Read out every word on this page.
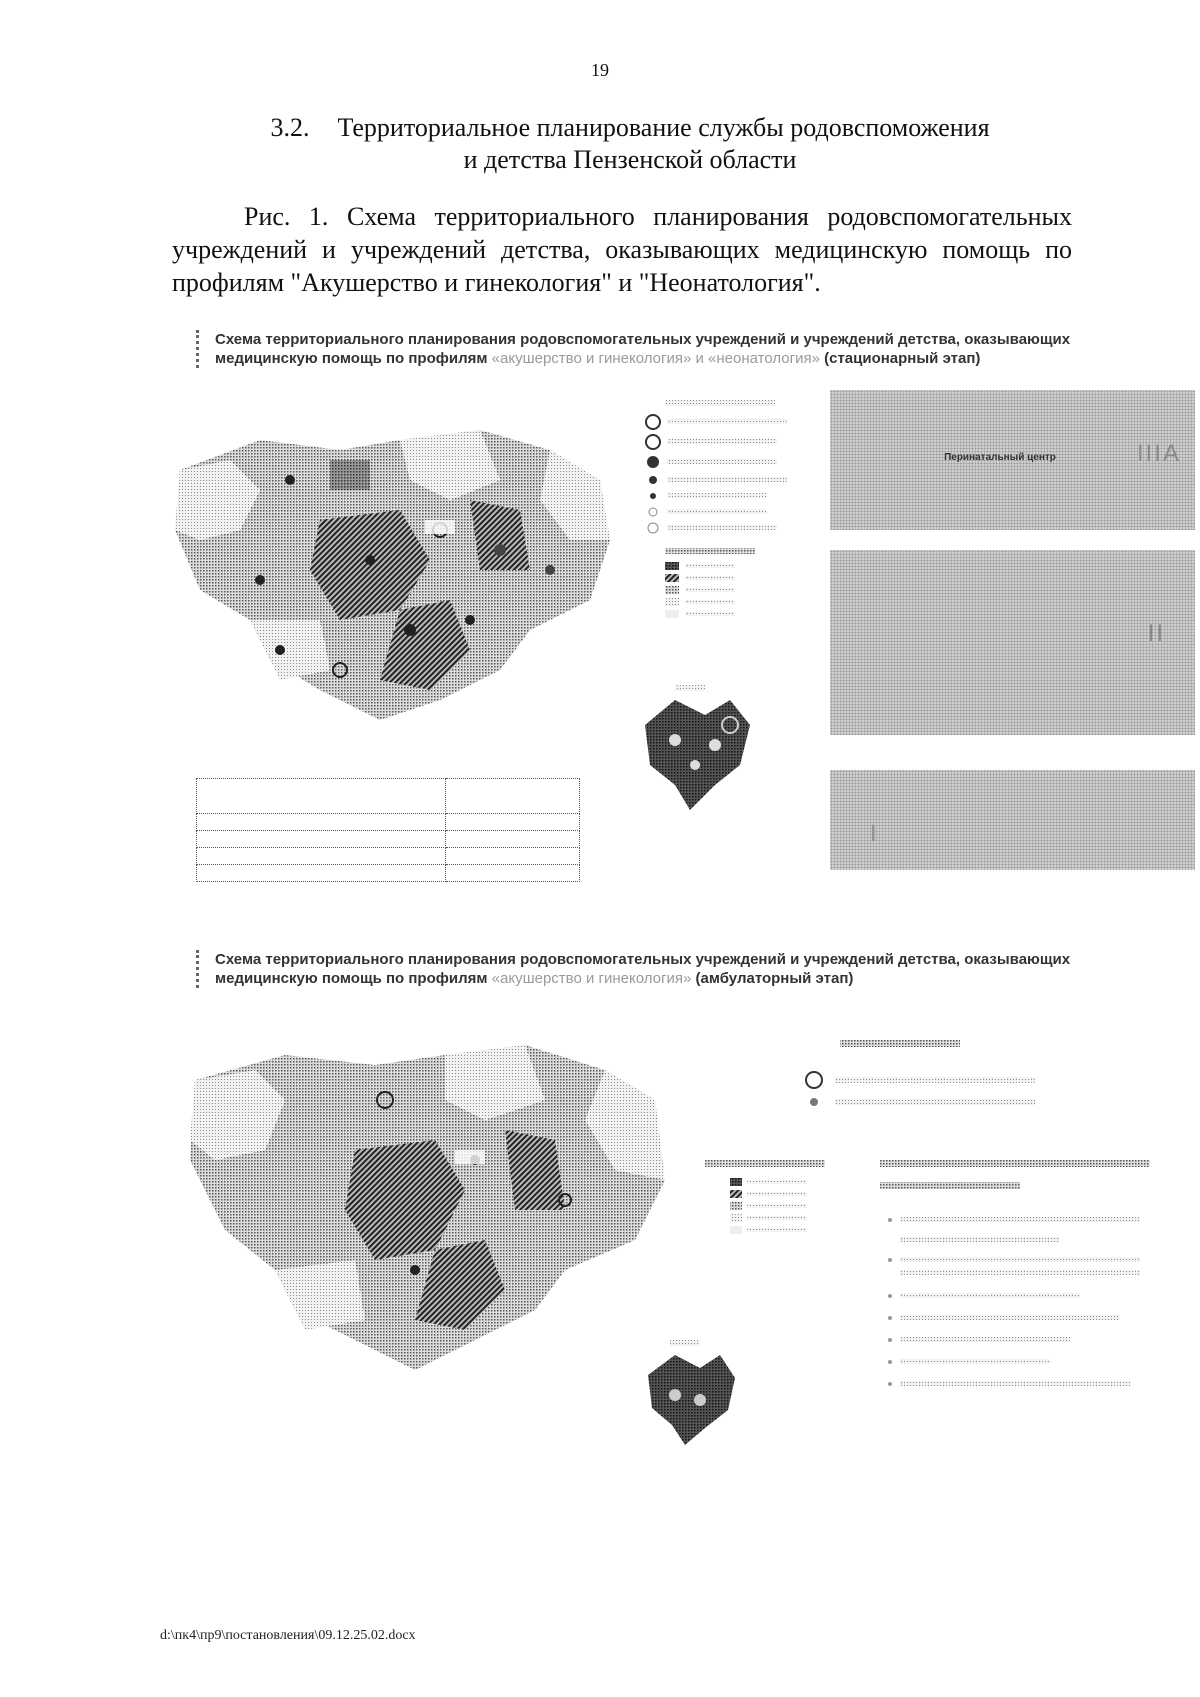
19
3.2. Территориальное планирование службы родовспоможения
и детства Пензенской области
Рис. 1. Схема территориального планирования родовспомогательных учреждений и учреждений детства, оказывающих медицинскую помощь по профилям "Акушерство и гинекология" и "Неонатология".
Схема территориального планирования родовспомогательных учреждений и учреждений детства, оказывающих медицинскую помощь по профилям «акушерство и гинекология» и «неонатология» (стационарный этап)
Перинатальный центр	IIIA
II
I

Схема территориального планирования родовспомогательных учреждений и учреждений детства, оказывающих медицинскую помощь по профилям «акушерство и гинекология» (амбулаторный этап)
d:\пк4\пр9\постановления\09.12.25.02.docx
